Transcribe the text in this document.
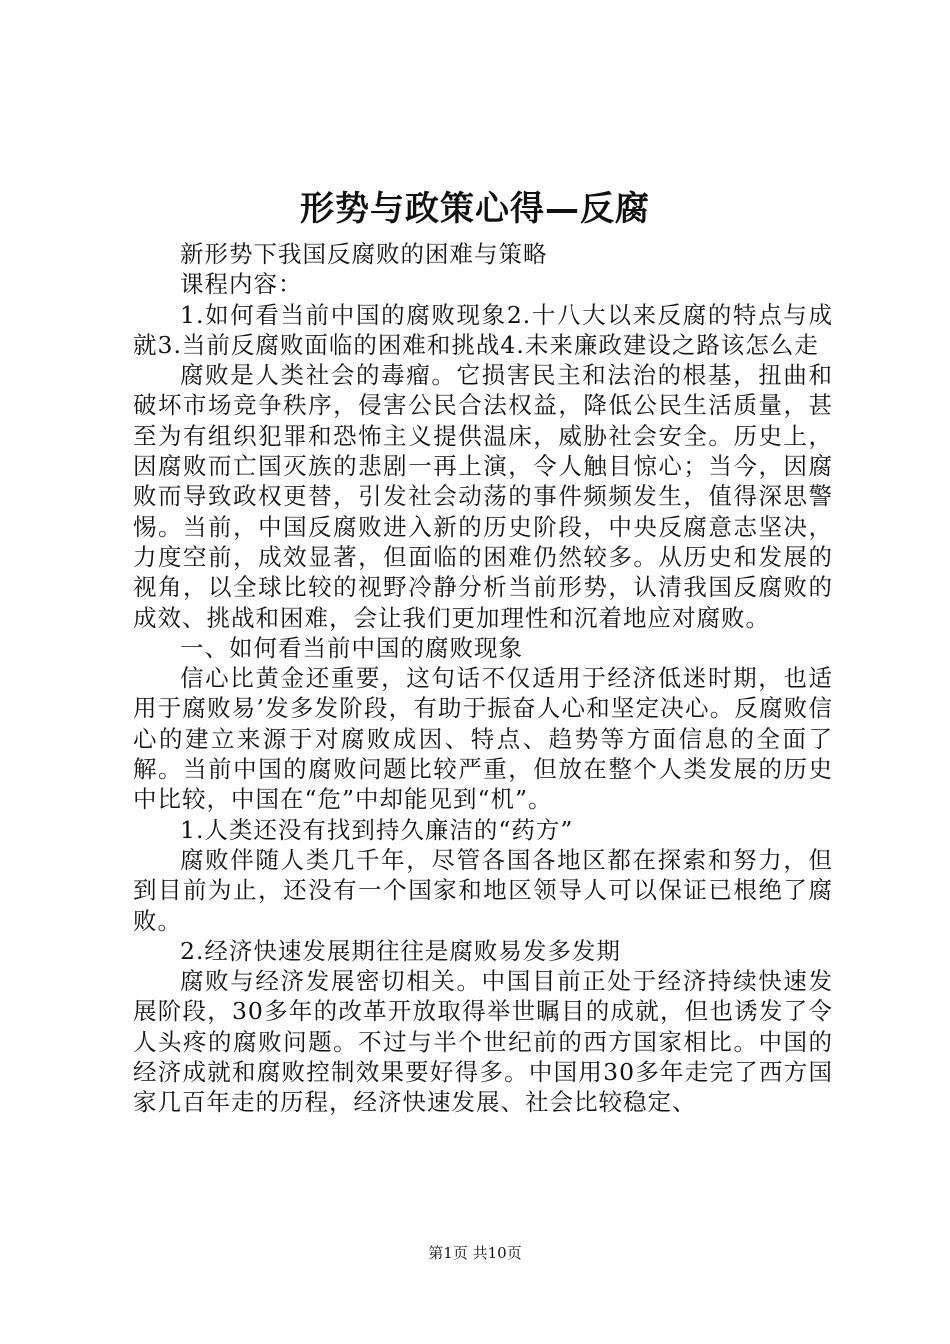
形势与政策心得—反腐

新形势下我国反腐败的困难与策略

课程内容：

1.如何看当前中国的腐败现象2.十八大以来反腐的特点与成就3.当前反腐败面临的困难和挑战4.未来廉政建设之路该怎么走

腐败是人类社会的毒瘤。它损害民主和法治的根基，扭曲和破坏市场竞争秩序，侵害公民合法权益，降低公民生活质量，甚至为有组织犯罪和恐怖主义提供温床，威胁社会安全。历史上，因腐败而亡国灭族的悲剧一再上演，令人触目惊心；当今，因腐败而导致政权更替，引发社会动荡的事件频频发生，值得深思警惕。当前，中国反腐败进入新的历史阶段，中央反腐意志坚决，力度空前，成效显著，但面临的困难仍然较多。从历史和发展的视角，以全球比较的视野冷静分析当前形势，认清我国反腐败的成效、挑战和困难，会让我们更加理性和沉着地应对腐败。

一、如何看当前中国的腐败现象

信心比黄金还重要，这句话不仅适用于经济低迷时期，也适用于腐败易’发多发阶段，有助于振奋人心和坚定决心。反腐败信心的建立来源于对腐败成因、特点、趋势等方面信息的全面了解。当前中国的腐败问题比较严重，但放在整个人类发展的历史中比较，中国在“危”中却能见到“机”。

1.人类还没有找到持久廉洁的“药方”

腐败伴随人类几千年，尽管各国各地区都在探索和努力，但到目前为止，还没有一个国家和地区领导人可以保证已根绝了腐败。

2.经济快速发展期往往是腐败易发多发期

腐败与经济发展密切相关。中国目前正处于经济持续快速发展阶段，30多年的改革开放取得举世瞩目的成就，但也诱发了令人头疼的腐败问题。不过与半个世纪前的西方国家相比。中国的经济成就和腐败控制效果要好得多。中国用30多年走完了西方国家几百年走的历程，经济快速发展、社会比较稳定、

第1页 共10页
